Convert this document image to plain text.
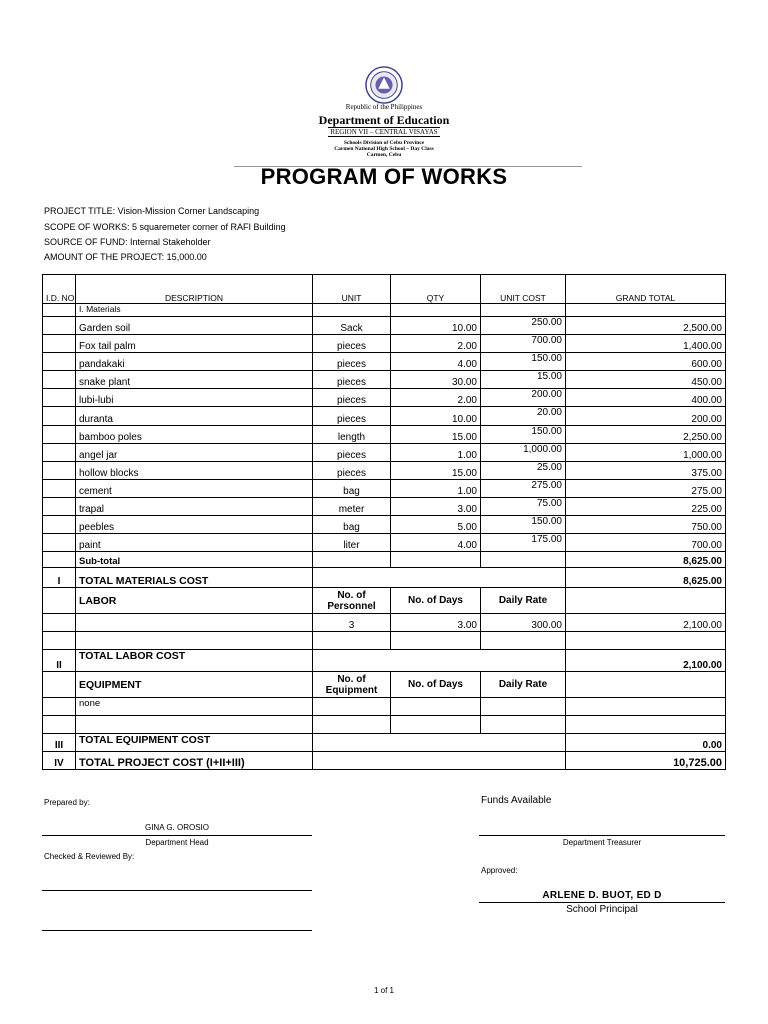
Republic of the Philippines
Department of Education
REGION VII – CENTRAL VISAYAS
Schools Division of Cebu Province
Carmen National High School – Day Class
Carmen, Cebu
PROGRAM OF WORKS
PROJECT TITLE: Vision-Mission Corner Landscaping
SCOPE OF WORKS: 5 squaremeter corner of RAFI Building
SOURCE OF FUND: Internal Stakeholder
AMOUNT OF THE PROJECT: 15,000.00
I.D. NO	DESCRIPTION	UNIT	QTY	UNIT COST	GRAND TOTAL
	I. Materials				
	Garden soil	Sack	10.00	250.00	2,500.00
	Fox tail palm	pieces	2.00	700.00	1,400.00
	pandakaki	pieces	4.00	150.00	600.00
	snake plant	pieces	30.00	15.00	450.00
	lubi-lubi	pieces	2.00	200.00	400.00
	duranta	pieces	10.00	20.00	200.00
	bamboo poles	length	15.00	150.00	2,250.00
	angel jar	pieces	1.00	1,000.00	1,000.00
	hollow blocks	pieces	15.00	25.00	375.00
	cement	bag	1.00	275.00	275.00
	trapal	meter	3.00	75.00	225.00
	peebles	bag	5.00	150.00	750.00
	paint	liter	4.00	175.00	700.00
	Sub-total				8,625.00
I	TOTAL MATERIALS COST				8,625.00
	LABOR	No. of Personnel	No. of Days	Daily Rate	
		3	3.00	300.00	2,100.00

II	TOTAL LABOR COST				2,100.00
	EQUIPMENT	No. of Equipment	No. of Days	Daily Rate	
	none				

III	TOTAL EQUIPMENT COST				0.00
IV	TOTAL PROJECT COST (I+II+III)				10,725.00
Prepared by:
GINA G. OROSIO
Department Head
Checked & Reviewed By:
Funds Available
Department Treasurer
Approved:
ARLENE D. BUOT, ED D
School Principal
1 of 1
